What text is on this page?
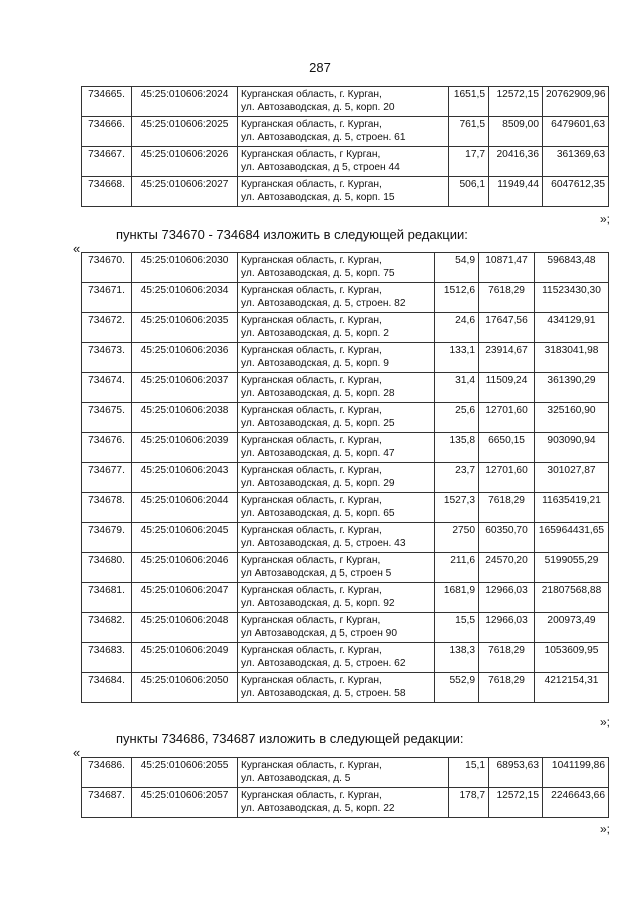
287
734665.	45:25:010606:2024	Курганская область, г. Курган,
ул. Автозаводская, д. 5, корп. 20	1651,5	12572,15	20762909,96
734666.	45:25:010606:2025	Курганская область, г. Курган,
ул. Автозаводская, д. 5, строен. 61	761,5	8509,00	6479601,63
734667.	45:25:010606:2026	Курганская область, г Курган,
ул. Автозаводская, д 5, строен 44	17,7	20416,36	361369,63
734668.	45:25:010606:2027	Курганская область, г. Курган,
ул. Автозаводская, д. 5, корп. 15	506,1	11949,44	6047612,35
»;
пункты 734670 - 734684 изложить в следующей редакции:
«
734670.	45:25:010606:2030	Курганская область, г. Курган,
ул. Автозаводская, д. 5, корп. 75	54,9	10871,47	596843,48
734671.	45:25:010606:2034	Курганская область, г. Курган,
ул. Автозаводская, д. 5, строен. 82	1512,6	7618,29	11523430,30
734672.	45:25:010606:2035	Курганская область, г. Курган,
ул. Автозаводская, д. 5, корп. 2	24,6	17647,56	434129,91
734673.	45:25:010606:2036	Курганская область, г. Курган,
ул. Автозаводская, д. 5, корп. 9	133,1	23914,67	3183041,98
734674.	45:25:010606:2037	Курганская область, г. Курган,
ул. Автозаводская, д. 5, корп. 28	31,4	11509,24	361390,29
734675.	45:25:010606:2038	Курганская область, г. Курган,
ул. Автозаводская, д. 5, корп. 25	25,6	12701,60	325160,90
734676.	45:25:010606:2039	Курганская область, г. Курган,
ул. Автозаводская, д. 5, корп. 47	135,8	6650,15	903090,94
734677.	45:25:010606:2043	Курганская область, г. Курган,
ул. Автозаводская, д. 5, корп. 29	23,7	12701,60	301027,87
734678.	45:25:010606:2044	Курганская область, г. Курган,
ул. Автозаводская, д. 5, корп. 65	1527,3	7618,29	11635419,21
734679.	45:25:010606:2045	Курганская область, г. Курган,
ул. Автозаводская, д. 5, строен. 43	2750	60350,70	165964431,65
734680.	45:25:010606:2046	Курганская область, г Курган,
ул Автозаводская, д 5, строен 5	211,6	24570,20	5199055,29
734681.	45:25:010606:2047	Курганская область, г. Курган,
ул. Автозаводская, д. 5, корп. 92	1681,9	12966,03	21807568,88
734682.	45:25:010606:2048	Курганская область, г Курган,
ул Автозаводская, д 5, строен 90	15,5	12966,03	200973,49
734683.	45:25:010606:2049	Курганская область, г. Курган,
ул. Автозаводская, д. 5, строен. 62	138,3	7618,29	1053609,95
734684.	45:25:010606:2050	Курганская область, г. Курган,
ул. Автозаводская, д. 5, строен. 58	552,9	7618,29	4212154,31
»;
пункты 734686, 734687 изложить в следующей редакции:
«
734686.	45:25:010606:2055	Курганская область, г. Курган,
ул. Автозаводская, д. 5	15,1	68953,63	1041199,86
734687.	45:25:010606:2057	Курганская область, г. Курган,
ул. Автозаводская, д. 5, корп. 22	178,7	12572,15	2246643,66
»;
